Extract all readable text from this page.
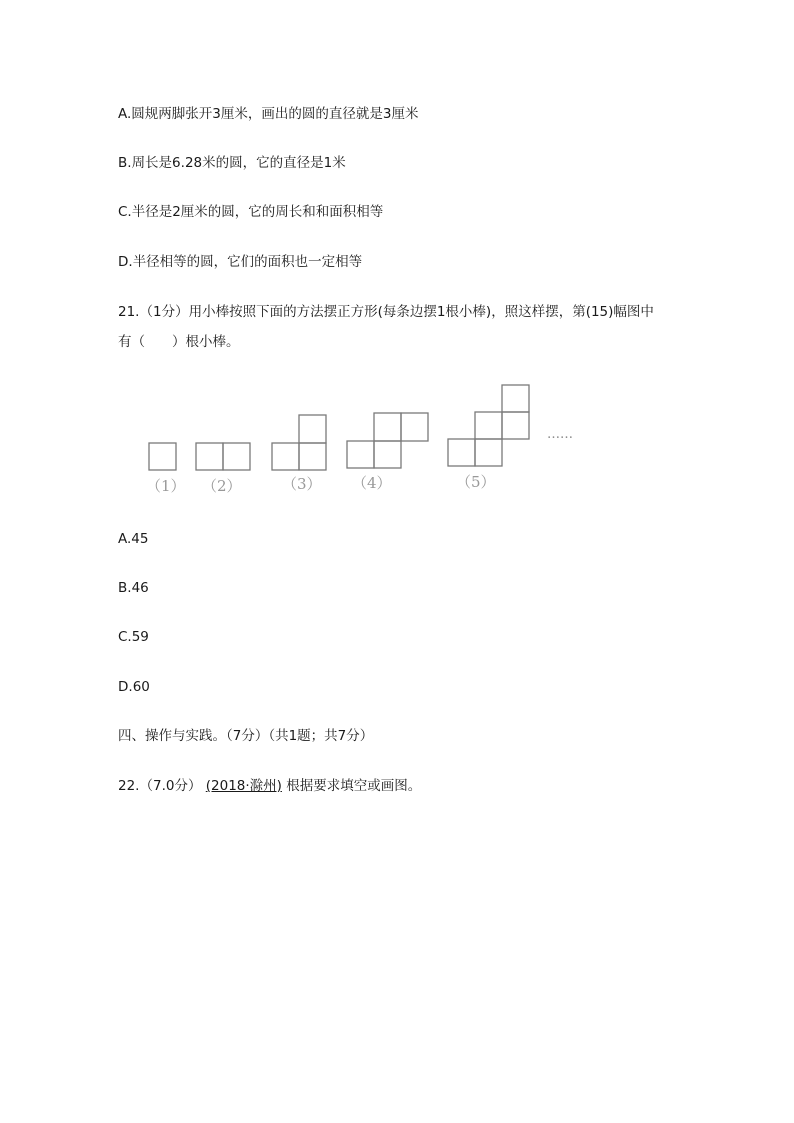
A.圆规两脚张开3厘米，画出的圆的直径就是3厘米
B.周长是6.28米的圆，它的直径是1米
C.半径是2厘米的圆，它的周长和和面积相等
D.半径相等的圆，它们的面积也一定相等
21.（1分）用小棒按照下面的方法摆正方形(每条边摆1根小棒)，照这样摆，第(15)幅图中
有（　　）根小棒。
（1） （2）	（3） （4）	（5）
……
A.45
B.46
C.59
D.60
四、操作与实践。（7分）（共1题；共7分）
22.（7.0分） (2018·滁州) 根据要求填空或画图。
